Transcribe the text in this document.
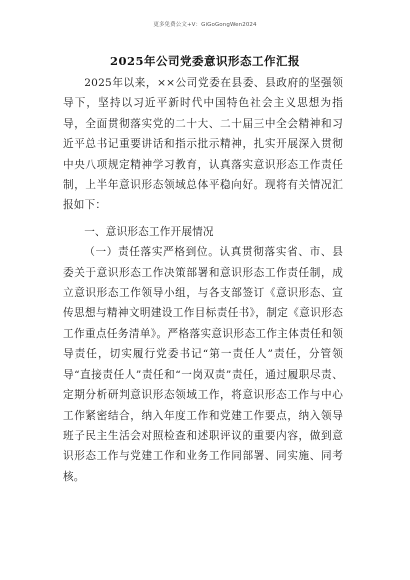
更多免费公文+V：GiGoGongWen2024
2025年公司党委意识形态工作汇报

2025年以来，××公司党委在县委、县政府的坚强领导下，坚持以习近平新时代中国特色社会主义思想为指导，全面贯彻落实党的二十大、二十届三中全会精神和习近平总书记重要讲话和指示批示精神，扎实开展深入贯彻中央八项规定精神学习教育，认真落实意识形态工作责任制，上半年意识形态领域总体平稳向好。现将有关情况汇报如下：

一、意识形态工作开展情况

（一）责任落实严格到位。认真贯彻落实省、市、县委关于意识形态工作决策部署和意识形态工作责任制，成立意识形态工作领导小组，与各支部签订《意识形态、宣传思想与精神文明建设工作目标责任书》，制定《意识形态工作重点任务清单》。严格落实意识形态工作主体责任和领导责任，切实履行党委书记“第一责任人”责任，分管领导“直接责任人”责任和“一岗双责”责任，通过履职尽责、定期分析研判意识形态领域工作，将意识形态工作与中心工作紧密结合，纳入年度工作和党建工作要点，纳入领导班子民主生活会对照检查和述职评议的重要内容，做到意识形态工作与党建工作和业务工作同部署、同实施、同考核。
